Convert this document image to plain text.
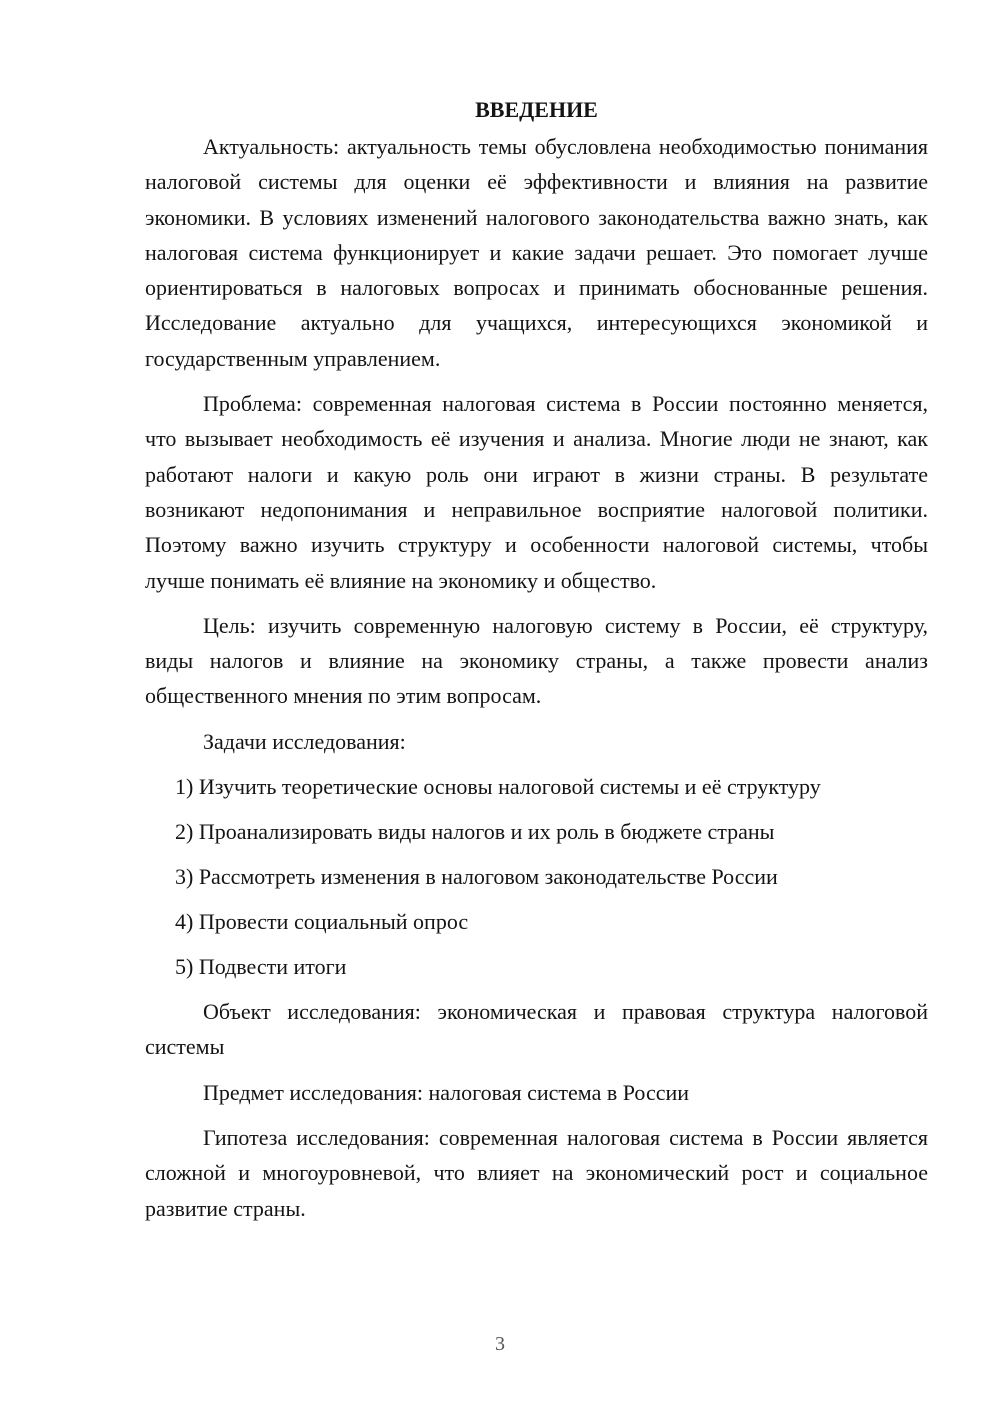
ВВЕДЕНИЕ

Актуальность: актуальность темы обусловлена необходимостью понимания налоговой системы для оценки её эффективности и влияния на развитие экономики. В условиях изменений налогового законодательства важно знать, как налоговая система функционирует и какие задачи решает. Это помогает лучше ориентироваться в налоговых вопросах и принимать обоснованные решения. Исследование актуально для учащихся, интересующихся экономикой и государственным управлением.

Проблема: современная налоговая система в России постоянно меняется, что вызывает необходимость её изучения и анализа. Многие люди не знают, как работают налоги и какую роль они играют в жизни страны. В результате возникают недопонимания и неправильное восприятие налоговой политики. Поэтому важно изучить структуру и особенности налоговой системы, чтобы лучше понимать её влияние на экономику и общество.

Цель: изучить современную налоговую систему в России, её структуру, виды налогов и влияние на экономику страны, а также провести анализ общественного мнения по этим вопросам.

Задачи исследования:

1) Изучить теоретические основы налоговой системы и её структуру
2) Проанализировать виды налогов и их роль в бюджете страны
3) Рассмотреть изменения в налоговом законодательстве России
4) Провести социальный опрос
5) Подвести итоги

Объект исследования: экономическая и правовая структура налоговой системы

Предмет исследования: налоговая система в России

Гипотеза исследования: современная налоговая система в России является сложной и многоуровневой, что влияет на экономический рост и социальное развитие страны.

3
